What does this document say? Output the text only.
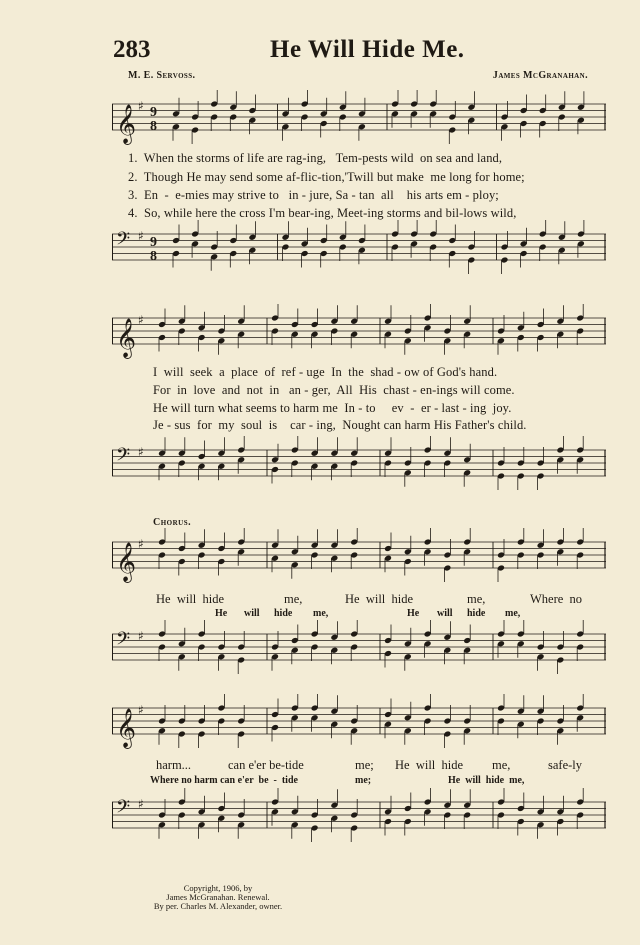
283	He Will Hide Me.
M. E. Servoss.	James McGranahan.
𝄞 ♯ 9
8
1.  When the storms of life are rag-ing,   Tem-pests wild  on sea and land,
2.  Though He may send some af-flic-tion,'Twill but make  me long for home;
3.  En  -  e-mies may strive to   in - jure, Sa - tan  all    his arts em - ploy;
4.  So, while here the cross I'm bear-ing, Meet-ing storms and bil-lows wild,
𝄢 ♯ 9
8
𝄞 ♯
I  will  seek  a  place  of  ref - uge  In  the  shad - ow of God's hand.
For  in  love  and  not  in   an - ger,  All  His  chast - en-ings will come.
He will turn what seems to harm me  In - to     ev  -  er - last - ing  joy.
Je - sus  for  my  soul  is    car - ing,  Nought can harm His Father's child.
𝄢 ♯
Chorus.
𝄞 ♯
He  will  hide	me,	He  will  hide	me,	Where  no
He will hide me,	He will hide me,
𝄢 ♯
𝄞 ♯
harm...	can e'er be-tide	me; He  will  hide me,	safe-ly
Where no harm can e'er  be  -  tide	me;	He  will  hide  me,
𝄢 ♯
Copyright, 1906, by
James McGranahan. Renewal.
By per. Charles M. Alexander, owner.
